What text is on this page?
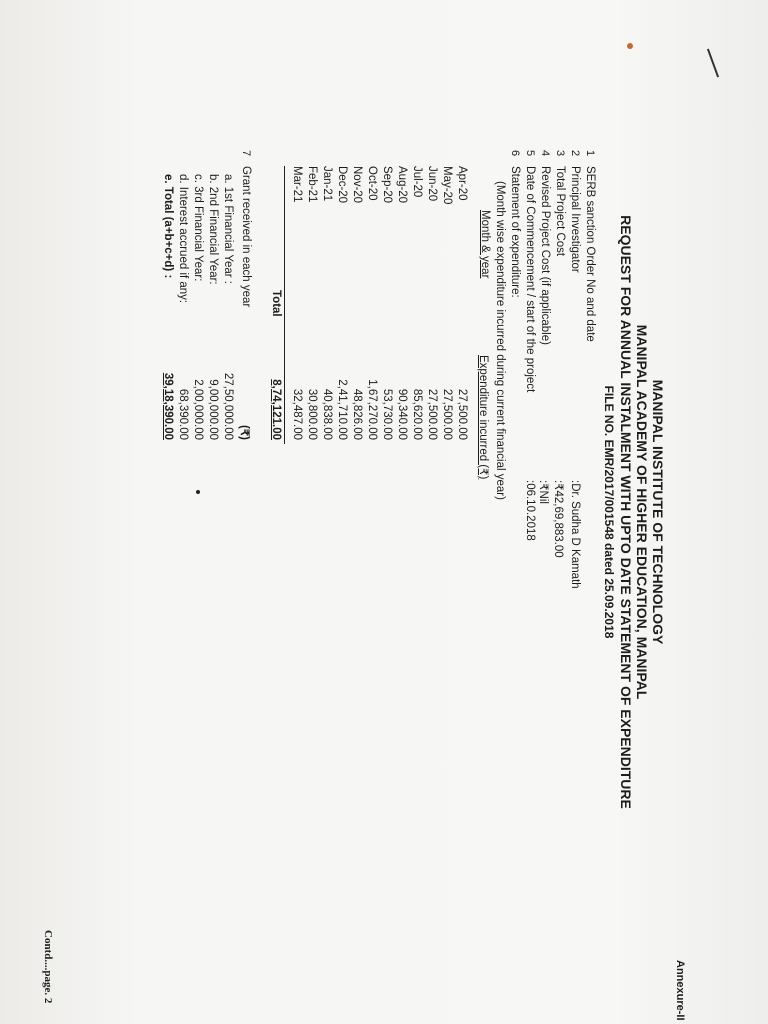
Annexure-II
MANIPAL INSTITUTE OF TECHNOLOGY
MANIPAL ACADEMY OF HIGHER EDUCATION, MANIPAL
REQUEST FOR ANNUAL INSTALMENT WITH UPTO DATE STATEMENT OF EXPENDITURE
FILE NO. EMR/2017/001548 dated 25.09.2018
1
SERB sanction Order No and date
2
Principal Investigator
:Dr. Sudha D Kamath
3
Total Project Cost
:₹42,69,883.00
4
Revised Project Cost (if applicable)
:₹Nil
5
Date of Commencement / start of the project
:06.10.2018
6
Statement of expenditure:
(Month wise expenditure incurred during current financial year)
Month & year
Expenditure incurred (₹)
Apr-20
27,500.00
May-20
27,500.00
Jun-20
27,500.00
Jul-20
85,620.00
Aug-20
90,340.00
Sep-20
53,730.00
Oct-20
1,67,270.00
Nov-20
48,826.00
Dec-20
2,41,710.00
Jan-21
40,838.00
Feb-21
30,800.00
Mar-21
32,487.00
Total
8,74,121.00
7
Grant received in each year
(₹)
a. 1st Financial Year :
27,50,000.00
b. 2nd Financial Year:
9,00,000.00
c. 3rd Financial Year:
2,00,000.00
d. Interest accrued if any:
68,390.00
e. Total (a+b+c+d) :
39,18,390.00
Contd....page. 2
